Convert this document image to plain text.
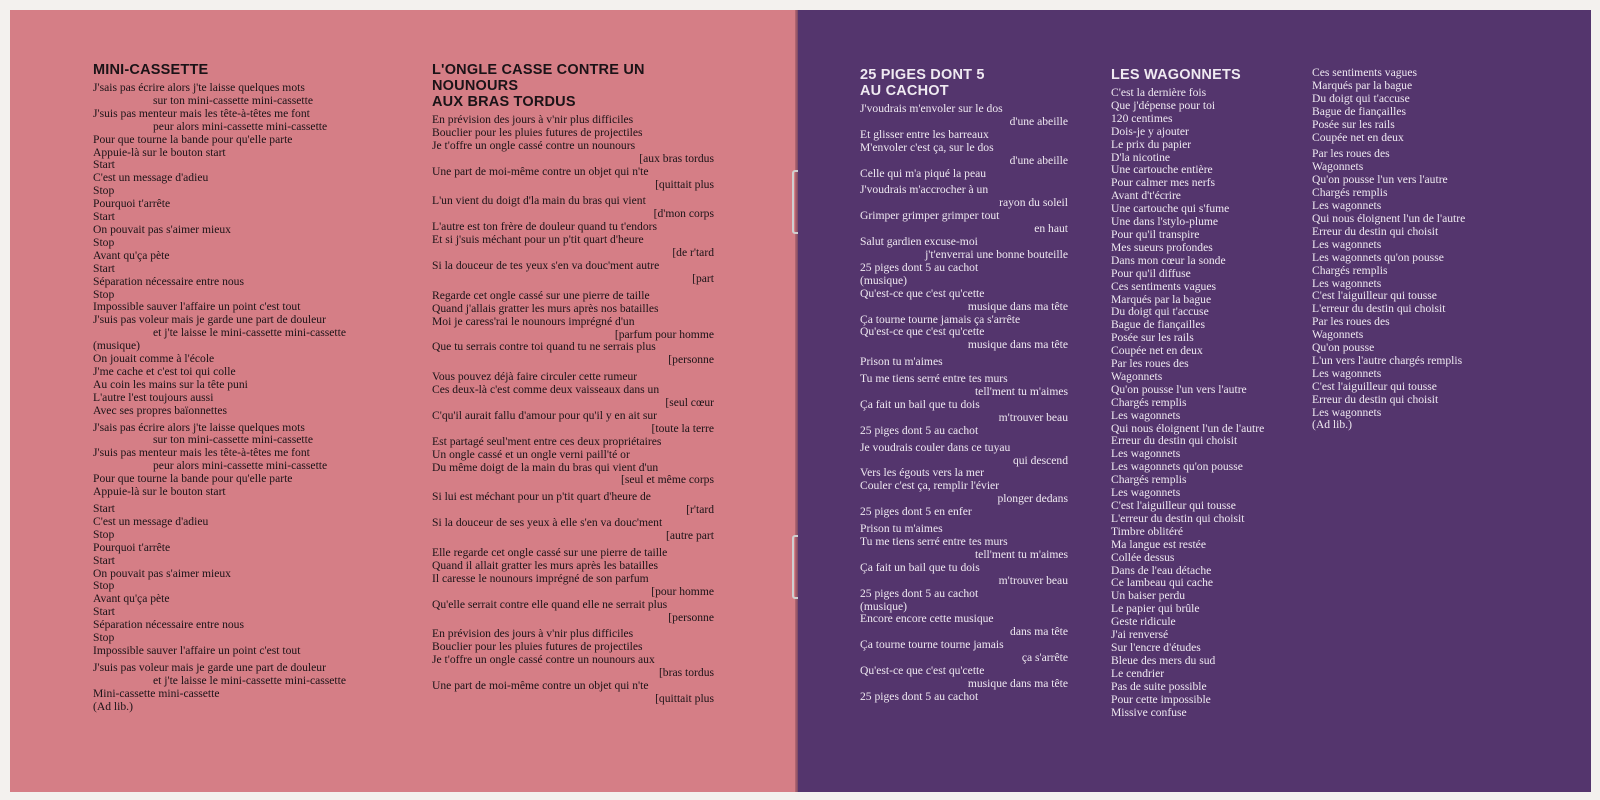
MINI-CASSETTE
J'sais pas écrire alors j'te laisse quelques mots
sur ton mini-cassette mini-cassette
J'suis pas menteur mais les tête-à-têtes me font
peur alors mini-cassette mini-cassette
Pour que tourne la bande pour qu'elle parte
Appuie-là sur le bouton start
Start
C'est un message d'adieu
Stop
Pourquoi t'arrête
Start
On pouvait pas s'aimer mieux
Stop
Avant qu'ça pète
Start
Séparation nécessaire entre nous
Stop
Impossible sauver l'affaire un point c'est tout
J'suis pas voleur mais je garde une part de douleur
et j'te laisse le mini-cassette mini-cassette
(musique)
On jouait comme à l'école
J'me cache et c'est toi qui colle
Au coin les mains sur la tête puni
L'autre l'est toujours aussi
Avec ses propres baïonnettes
J'sais pas écrire alors j'te laisse quelques mots
sur ton mini-cassette mini-cassette
J'suis pas menteur mais les tête-à-têtes me font
peur alors mini-cassette mini-cassette
Pour que tourne la bande pour qu'elle parte
Appuie-là sur le bouton start
Start
C'est un message d'adieu
Stop
Pourquoi t'arrête
Start
On pouvait pas s'aimer mieux
Stop
Avant qu'ça pète
Start
Séparation nécessaire entre nous
Stop
Impossible sauver l'affaire un point c'est tout
J'suis pas voleur mais je garde une part de douleur
et j'te laisse le mini-cassette mini-cassette
Mini-cassette mini-cassette
(Ad lib.)
L'ONGLE CASSE CONTRE UN
NOUNOURS
AUX BRAS TORDUS
En prévision des jours à v'nir plus difficiles
Bouclier pour les pluies futures de projectiles
Je t'offre un ongle cassé contre un nounours
[aux bras tordus
Une part de moi-même contre un objet qui n'te
[quittait plus
L'un vient du doigt d'la main du bras qui vient
[d'mon corps
L'autre est ton frère de douleur quand tu t'endors
Et si j'suis méchant pour un p'tit quart d'heure
[de r'tard
Si la douceur de tes yeux s'en va douc'ment autre
[part
Regarde cet ongle cassé sur une pierre de taille
Quand j'allais gratter les murs après nos batailles
Moi je caress'rai le nounours imprégné d'un
[parfum pour homme
Que tu serrais contre toi quand tu ne serrais plus
[personne
Vous pouvez déjà faire circuler cette rumeur
Ces deux-là c'est comme deux vaisseaux dans un
[seul cœur
C'qu'il aurait fallu d'amour pour qu'il y en ait sur
[toute la terre
Est partagé seul'ment entre ces deux propriétaires
Un ongle cassé et un ongle verni paill'té or
Du même doigt de la main du bras qui vient d'un
[seul et même corps
Si lui est méchant pour un p'tit quart d'heure de
[r'tard
Si la douceur de ses yeux à elle s'en va douc'ment
[autre part
Elle regarde cet ongle cassé sur une pierre de taille
Quand il allait gratter les murs après les batailles
Il caresse le nounours imprégné de son parfum
[pour homme
Qu'elle serrait contre elle quand elle ne serrait plus
[personne
En prévision des jours à v'nir plus difficiles
Bouclier pour les pluies futures de projectiles
Je t'offre un ongle cassé contre un nounours aux
[bras tordus
Une part de moi-même contre un objet qui n'te
[quittait plus
25 PIGES DONT 5
AU CACHOT
J'voudrais m'envoler sur le dos
d'une abeille
Et glisser entre les barreaux
M'envoler c'est ça, sur le dos
d'une abeille
Celle qui m'a piqué la peau
J'voudrais m'accrocher à un
rayon du soleil
Grimper grimper grimper tout
en haut
Salut gardien excuse-moi
j't'enverrai une bonne bouteille
25 piges dont 5 au cachot
(musique)
Qu'est-ce que c'est qu'cette
musique dans ma tête
Ça tourne tourne jamais ça s'arrête
Qu'est-ce que c'est qu'cette
musique dans ma tête
Prison tu m'aimes
Tu me tiens serré entre tes murs
tell'ment tu m'aimes
Ça fait un bail que tu dois
m'trouver beau
25 piges dont 5 au cachot
Je voudrais couler dans ce tuyau
qui descend
Vers les égouts vers la mer
Couler c'est ça, remplir l'évier
plonger dedans
25 piges dont 5 en enfer
Prison tu m'aimes
Tu me tiens serré entre tes murs
tell'ment tu m'aimes
Ça fait un bail que tu dois
m'trouver beau
25 piges dont 5 au cachot
(musique)
Encore encore cette musique
dans ma tête
Ça tourne tourne tourne jamais
ça s'arrête
Qu'est-ce que c'est qu'cette
musique dans ma tête
25 piges dont 5 au cachot
LES WAGONNETS
C'est la dernière fois
Que j'dépense pour toi
120 centimes
Dois-je y ajouter
Le prix du papier
D'la nicotine
Une cartouche entière
Pour calmer mes nerfs
Avant d't'écrire
Une cartouche qui s'fume
Une dans l'stylo-plume
Pour qu'il transpire
Mes sueurs profondes
Dans mon cœur la sonde
Pour qu'il diffuse
Ces sentiments vagues
Marqués par la bague
Du doigt qui t'accuse
Bague de fiançailles
Posée sur les rails
Coupée net en deux
Par les roues des
Wagonnets
Qu'on pousse l'un vers l'autre
Chargés remplis
Les wagonnets
Qui nous éloignent l'un de l'autre
Erreur du destin qui choisit
Les wagonnets
Les wagonnets qu'on pousse
Chargés remplis
Les wagonnets
C'est l'aiguilleur qui tousse
L'erreur du destin qui choisit
Timbre oblitéré
Ma langue est restée
Collée dessus
Dans de l'eau détache
Ce lambeau qui cache
Un baiser perdu
Le papier qui brûle
Geste ridicule
J'ai renversé
Sur l'encre d'études
Bleue des mers du sud
Le cendrier
Pas de suite possible
Pour cette impossible
Missive confuse
Ces sentiments vagues
Marqués par la bague
Du doigt qui t'accuse
Bague de fiançailles
Posée sur les rails
Coupée net en deux
Par les roues des
Wagonnets
Qu'on pousse l'un vers l'autre
Chargés remplis
Les wagonnets
Qui nous éloignent l'un de l'autre
Erreur du destin qui choisit
Les wagonnets
Les wagonnets qu'on pousse
Chargés remplis
Les wagonnets
C'est l'aiguilleur qui tousse
L'erreur du destin qui choisit
Par les roues des
Wagonnets
Qu'on pousse
L'un vers l'autre chargés remplis
Les wagonnets
C'est l'aiguilleur qui tousse
Erreur du destin qui choisit
Les wagonnets
(Ad lib.)
